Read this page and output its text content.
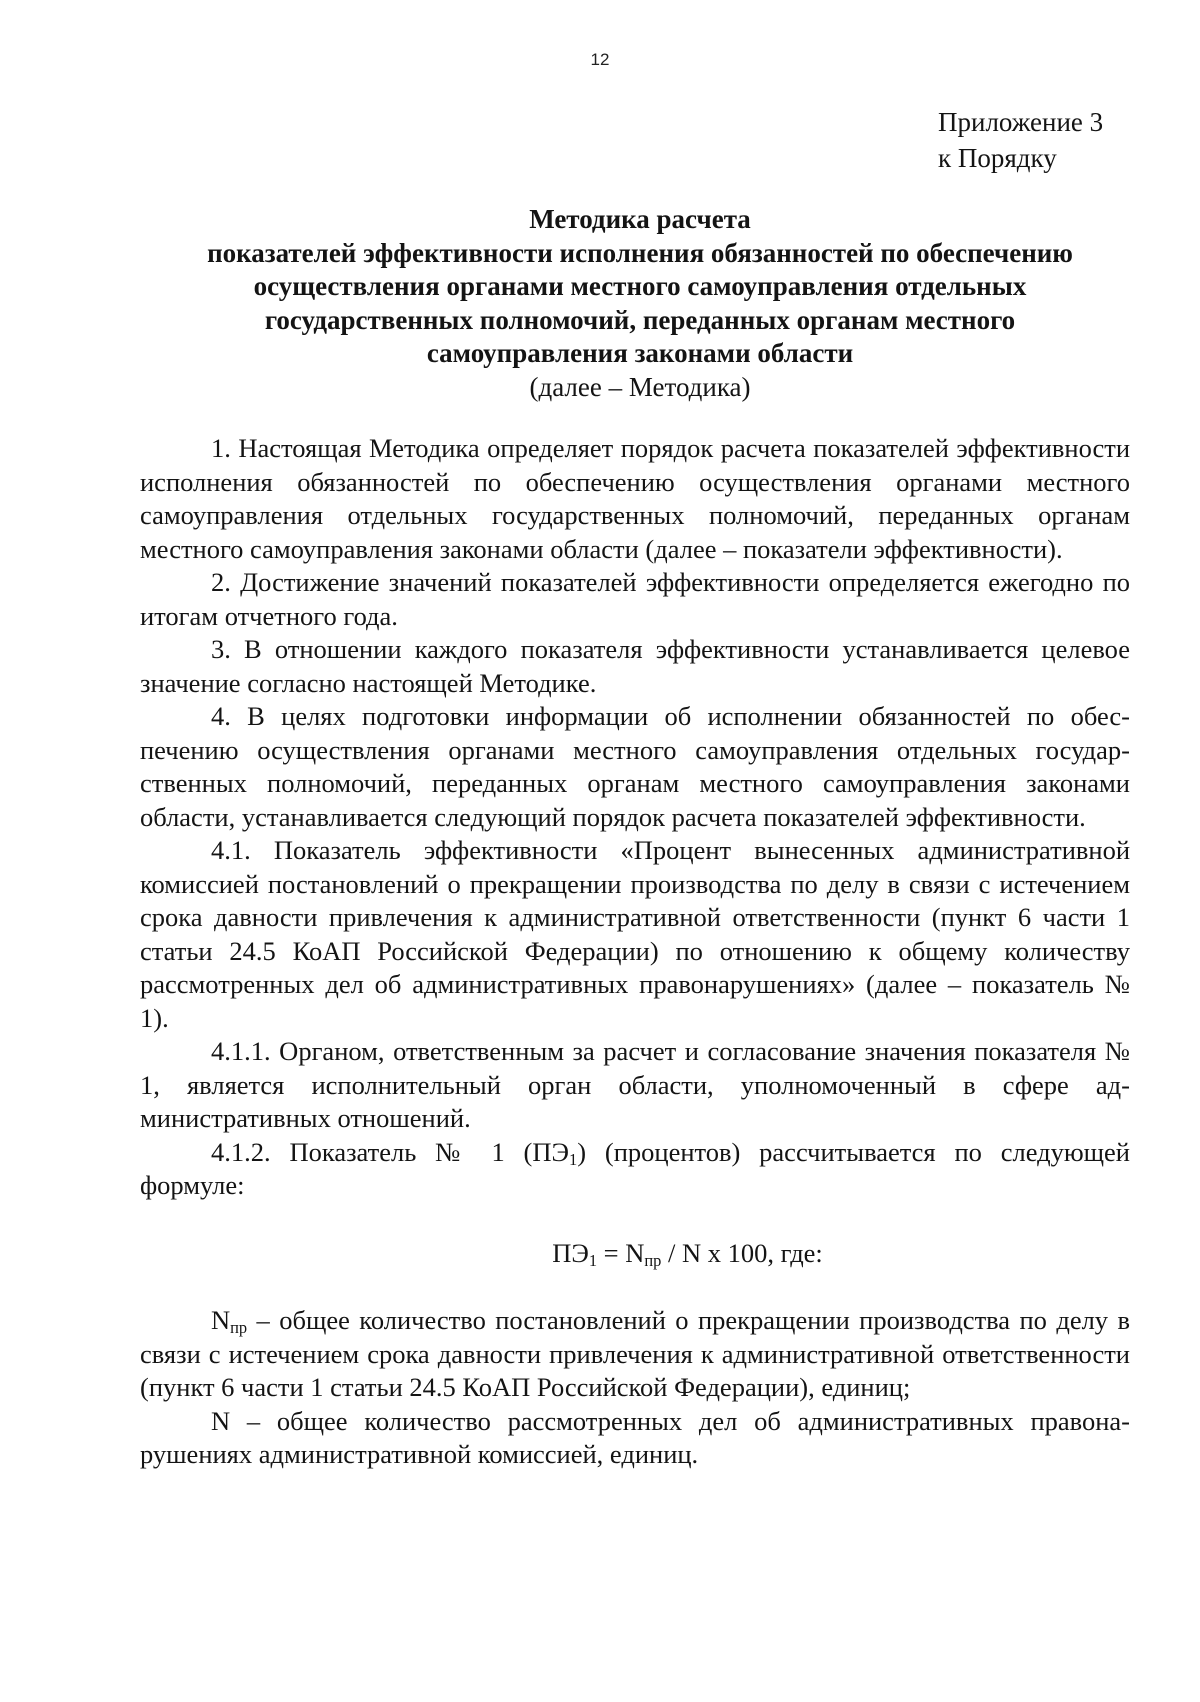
12
Приложение 3
к Порядку
Методика расчета
показателей эффективности исполнения обязанностей по обеспечению
осуществления органами местного самоуправления отдельных
государственных полномочий, переданных органам местного
самоуправления законами области
(далее – Методика)

1. Настоящая Методика определяет порядок расчета показателей эффективности исполнения обязанностей по обеспечению осуществления органами местного самоуправления отдельных государственных полномочий, переданных органам местного самоуправления законами области (далее – показатели эффективности).

2. Достижение значений показателей эффективности определяется ежегодно по итогам отчетного года.

3. В отношении каждого показателя эффективности устанавливается целевое значение согласно настоящей Методике.

4. В целях подготовки информации об исполнении обязанностей по обеспечению осуществления органами местного самоуправления отдельных государственных полномочий, переданных органам местного самоуправления законами области, устанавливается следующий порядок расчета показателей эффективности.

4.1. Показатель эффективности «Процент вынесенных административной комиссией постановлений о прекращении производства по делу в связи с истечением срока давности привлечения к административной ответственности (пункт 6 части 1 статьи 24.5 КоАП Российской Федерации) по отношению к общему количеству рассмотренных дел об административных правонарушениях» (далее – показатель № 1).

4.1.1. Органом, ответственным за расчет и согласование значения показателя № 1, является исполнительный орган области, уполномоченный в сфере административных отношений.

4.1.2. Показатель № 1 $(ПЭ_1)$ (процентов) рассчитывается по следующей формуле:

$ПЭ_1 = N_{пр} / N$ x 100, где:

$N_{пр}$ – общее количество постановлений о прекращении производства по делу в связи с истечением срока давности привлечения к административной ответственности (пункт 6 части 1 статьи 24.5 КоАП Российской Федерации), единиц;

N – общее количество рассмотренных дел об административных правонарушениях административной комиссией, единиц.
